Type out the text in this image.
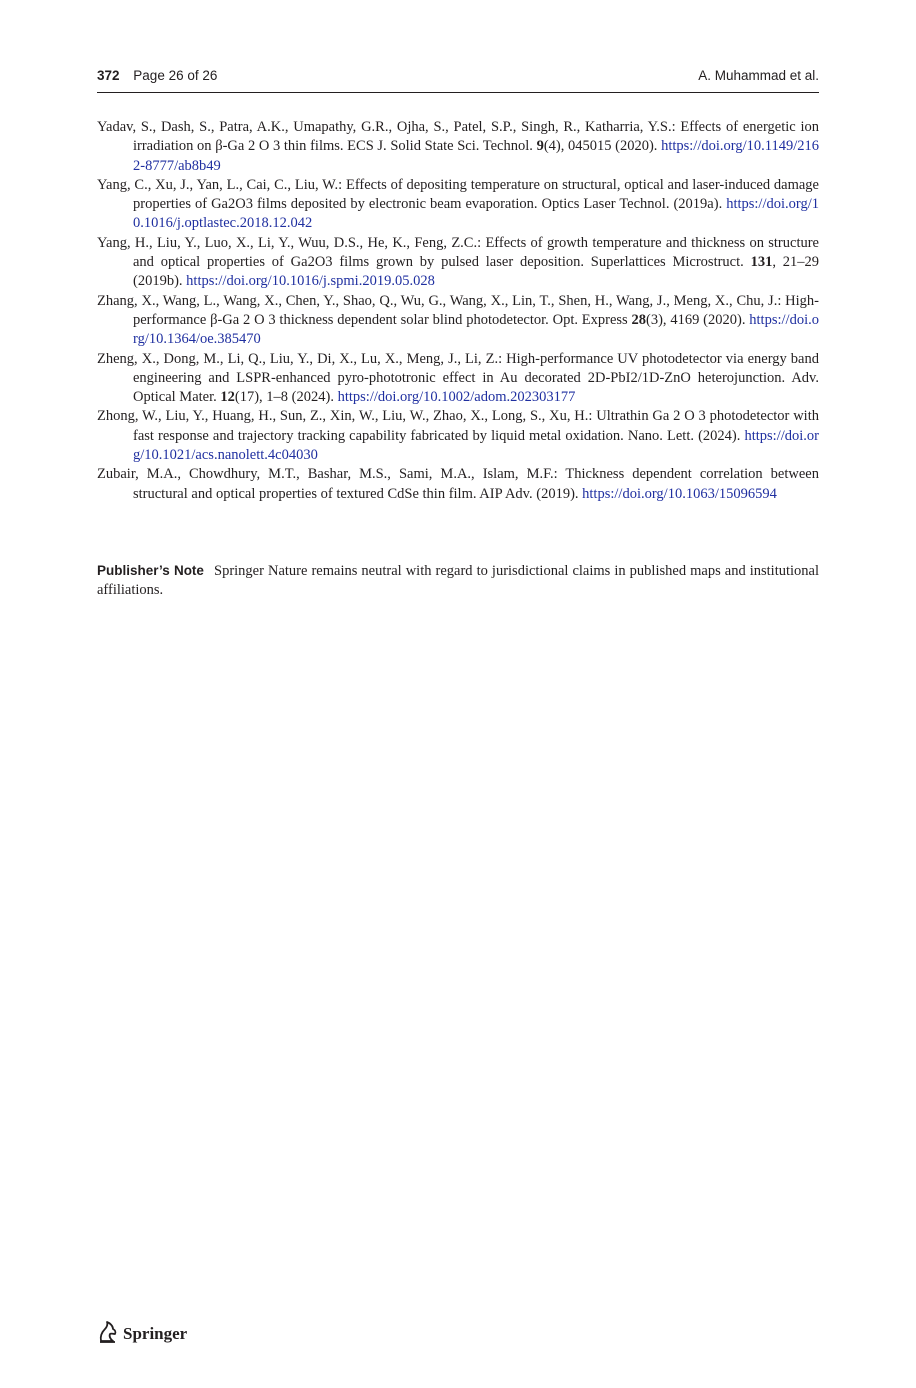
372 Page 26 of 26	A. Muhammad et al.

Yadav, S., Dash, S., Patra, A.K., Umapathy, G.R., Ojha, S., Patel, S.P., Singh, R., Katharria, Y.S.: Effects of energetic ion irradiation on β-Ga 2 O 3 thin films. ECS J. Solid State Sci. Technol. 9(4), 045015 (2020). https://doi.org/10.1149/2162-8777/ab8b49

Yang, C., Xu, J., Yan, L., Cai, C., Liu, W.: Effects of depositing temperature on structural, optical and laser-induced damage properties of Ga2O3 films deposited by electronic beam evaporation. Optics Laser Technol. (2019a). https://doi.org/10.1016/j.optlastec.2018.12.042

Yang, H., Liu, Y., Luo, X., Li, Y., Wuu, D.S., He, K., Feng, Z.C.: Effects of growth temperature and thickness on structure and optical properties of Ga2O3 films grown by pulsed laser deposition. Superlattices Microstruct. 131, 21–29 (2019b). https://doi.org/10.1016/j.spmi.2019.05.028

Zhang, X., Wang, L., Wang, X., Chen, Y., Shao, Q., Wu, G., Wang, X., Lin, T., Shen, H., Wang, J., Meng, X., Chu, J.: High-performance β-Ga 2 O 3 thickness dependent solar blind photodetector. Opt. Express 28(3), 4169 (2020). https://doi.org/10.1364/oe.385470

Zheng, X., Dong, M., Li, Q., Liu, Y., Di, X., Lu, X., Meng, J., Li, Z.: High-performance UV photodetector via energy band engineering and LSPR-enhanced pyro-phototronic effect in Au decorated 2D-PbI2/1D-ZnO heterojunction. Adv. Optical Mater. 12(17), 1–8 (2024). https://doi.org/10.1002/adom.202303177

Zhong, W., Liu, Y., Huang, H., Sun, Z., Xin, W., Liu, W., Zhao, X., Long, S., Xu, H.: Ultrathin Ga 2 O 3 photodetector with fast response and trajectory tracking capability fabricated by liquid metal oxidation. Nano. Lett. (2024). https://doi.org/10.1021/acs.nanolett.4c04030

Zubair, M.A., Chowdhury, M.T., Bashar, M.S., Sami, M.A., Islam, M.F.: Thickness dependent correlation between structural and optical properties of textured CdSe thin film. AIP Adv. (2019). https://doi.org/10.1063/15096594

Publisher’s Note Springer Nature remains neutral with regard to jurisdictional claims in published maps and institutional affiliations.
Springer
